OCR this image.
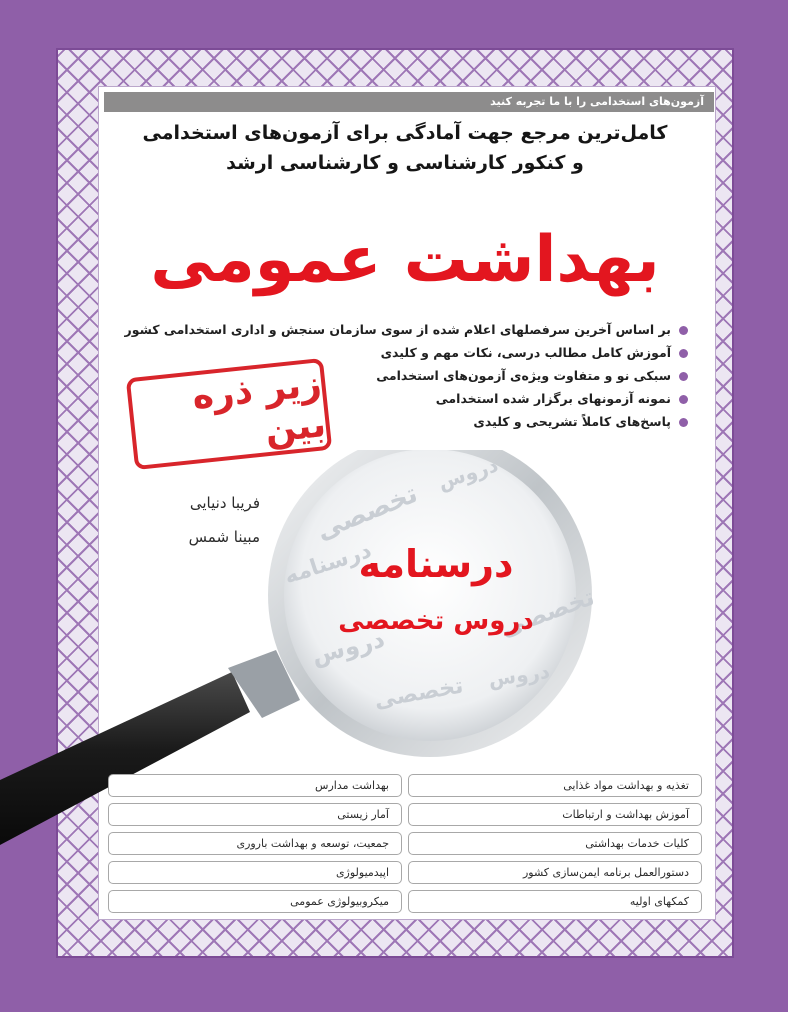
آزمون‌های استخدامی را با ما تجربه کنید
کامل‌ترین مرجع جهت آمادگی برای آزمون‌های استخدامی
و کنکور کارشناسی و کارشناسی ارشد
بهداشت عمومی
بر اساس آخرین سرفصلهای اعلام شده از سوی سازمان سنجش و اداری استخدامی کشور
آموزش کامل مطالب درسی، نکات مهم و کلیدی
سبکی نو و متفاوت ویژه‌ی آزمون‌های استخدامی
نمونه آزمونهای برگزار شده استخدامی
پاسخ‌های کاملاً تشریحی و کلیدی
زیر ذره بین
فریبا دنیایی
مبینا شمس
دروس
تخصصی
درسنامه
تخصصی
دروس
تخصصی دروس
درسنامه
دروس تخصصی
تغذیه و بهداشت مواد غذایی
بهداشت مدارس
آموزش بهداشت و ارتباطات
آمار زیستی
کلیات خدمات بهداشتی
جمعیت، توسعه و بهداشت باروری
دستورالعمل برنامه ایمن‌سازی کشور
اپیدمیولوژی
کمکهای اولیه
میکروبیولوژی عمومی
